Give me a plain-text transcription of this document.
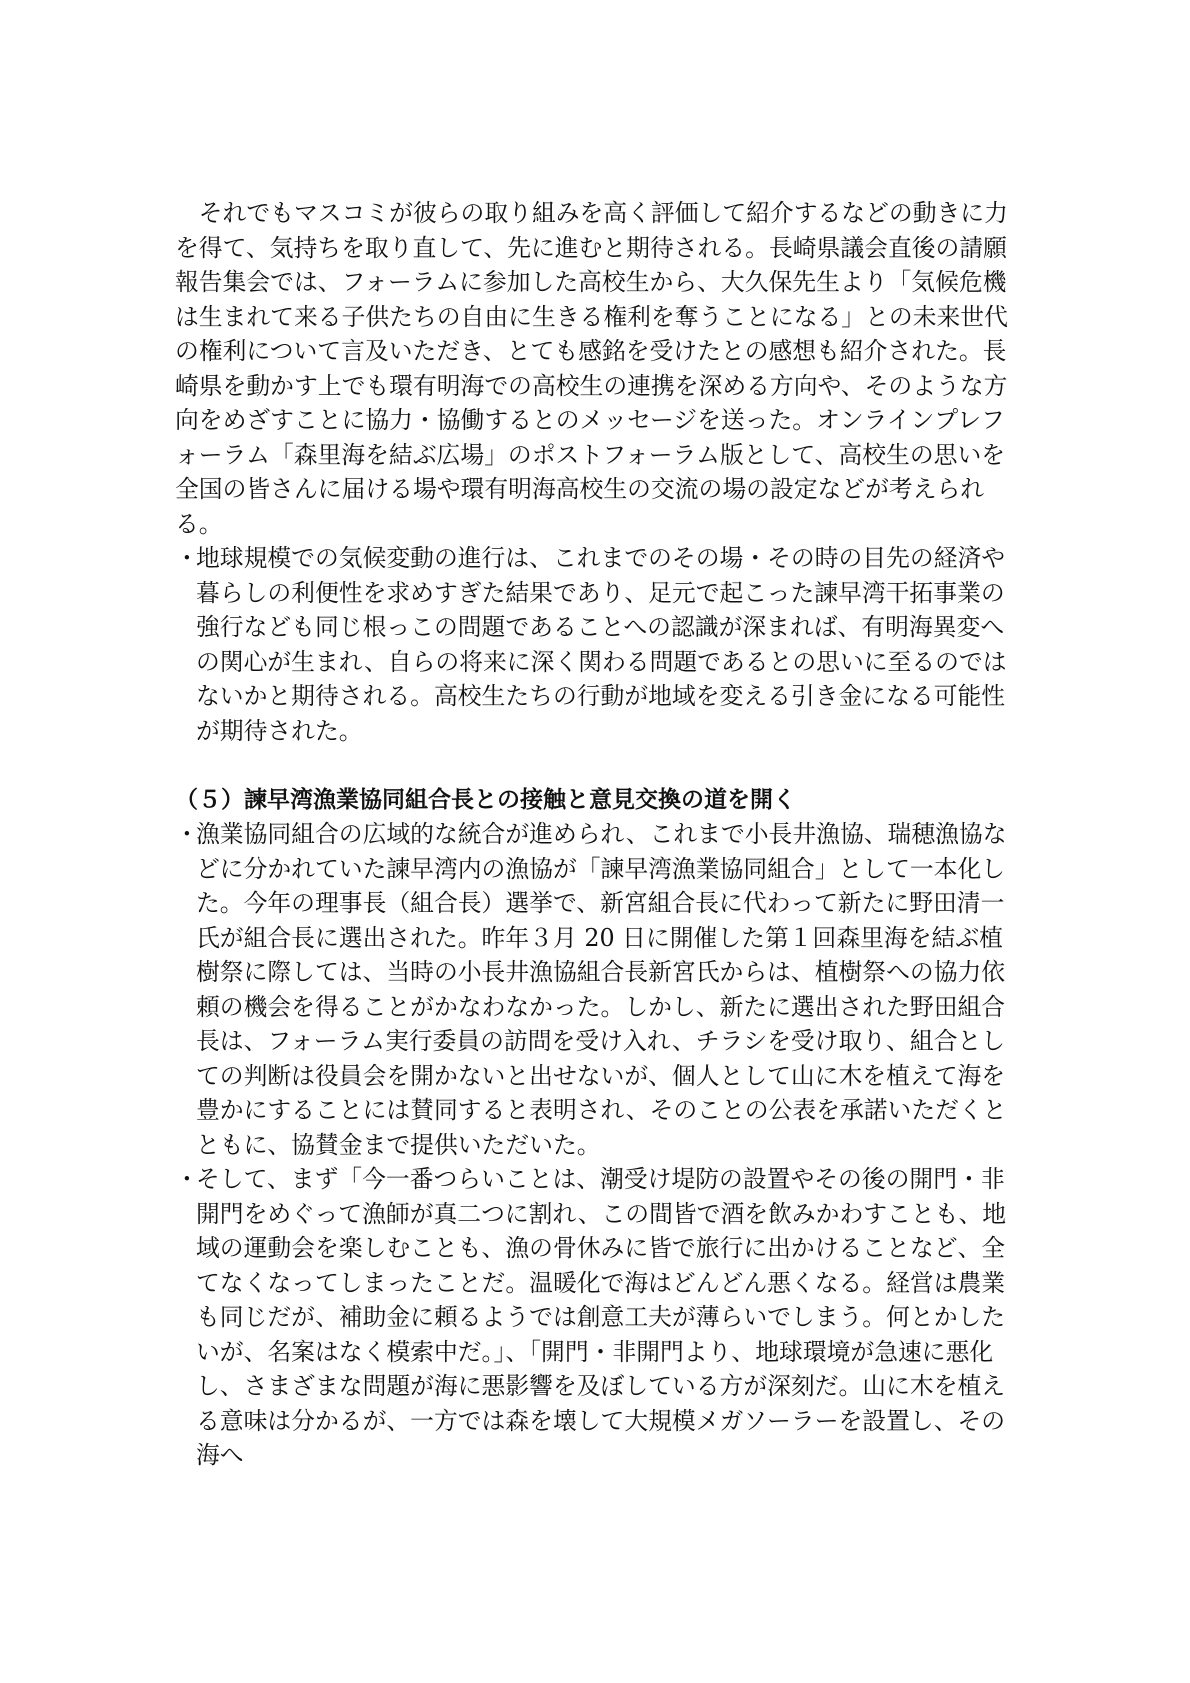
それでもマスコミが彼らの取り組みを高く評価して紹介するなどの動きに力を得て、気持ちを取り直して、先に進むと期待される。長崎県議会直後の請願報告集会では、フォーラムに参加した高校生から、大久保先生より「気候危機は生まれて来る子供たちの自由に生きる権利を奪うことになる」との未来世代の権利について言及いただき、とても感銘を受けたとの感想も紹介された。長崎県を動かす上でも環有明海での高校生の連携を深める方向や、そのような方向をめざすことに協力・協働するとのメッセージを送った。オンラインプレフォーラム「森里海を結ぶ広場」のポストフォーラム版として、高校生の思いを全国の皆さんに届ける場や環有明海高校生の交流の場の設定などが考えられる。

・
地球規模での気候変動の進行は、これまでのその場・その時の目先の経済や暮らしの利便性を求めすぎた結果であり、足元で起こった諫早湾干拓事業の強行なども同じ根っこの問題であることへの認識が深まれば、有明海異変への関心が生まれ、自らの将来に深く関わる問題であるとの思いに至るのではないかと期待される。高校生たちの行動が地域を変える引き金になる可能性が期待された。
（５）諫早湾漁業協同組合長との接触と意見交換の道を開く
・
漁業協同組合の広域的な統合が進められ、これまで小長井漁協、瑞穂漁協などに分かれていた諫早湾内の漁協が「諫早湾漁業協同組合」として一本化した。今年の理事長（組合長）選挙で、新宮組合長に代わって新たに野田清一氏が組合長に選出された。昨年３月 20 日に開催した第１回森里海を結ぶ植樹祭に際しては、当時の小長井漁協組合長新宮氏からは、植樹祭への協力依頼の機会を得ることがかなわなかった。しかし、新たに選出された野田組合長は、フォーラム実行委員の訪問を受け入れ、チラシを受け取り、組合としての判断は役員会を開かないと出せないが、個人として山に木を植えて海を豊かにすることには賛同すると表明され、そのことの公表を承諾いただくとともに、協賛金まで提供いただいた。
・
そして、まず「今一番つらいことは、潮受け堤防の設置やその後の開門・非開門をめぐって漁師が真二つに割れ、この間皆で酒を飲みかわすことも、地域の運動会を楽しむことも、漁の骨休みに皆で旅行に出かけることなど、全てなくなってしまったことだ。温暖化で海はどんどん悪くなる。経営は農業も同じだが、補助金に頼るようでは創意工夫が薄らいでしまう。何とかしたいが、名案はなく模索中だ。」、「開門・非開門より、地球環境が急速に悪化し、さまざまな問題が海に悪影響を及ぼしている方が深刻だ。山に木を植える意味は分かるが、一方では森を壊して大規模メガソーラーを設置し、その海へ
